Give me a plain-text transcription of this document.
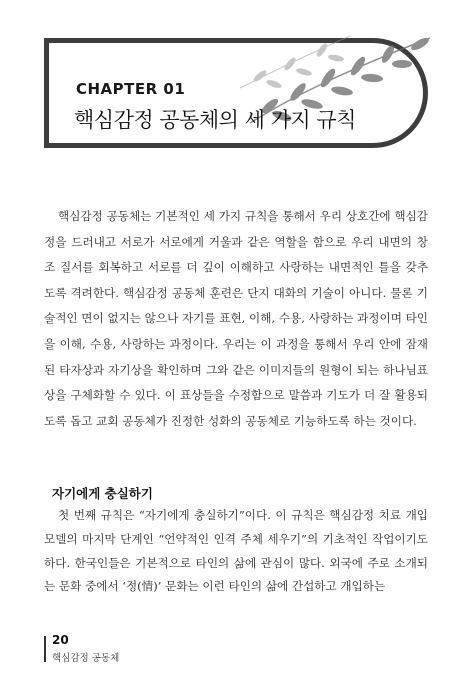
CHAPTER 01
핵심감정 공동체의 세 가지 규칙

핵심감정 공동체는 기본적인 세 가지 규칙을 통해서 우리 상호간에 핵심감정을 드러내고 서로가 서로에게 거울과 같은 역할을 함으로 우리 내면의 창조 질서를 회복하고 서로를 더 깊이 이해하고 사랑하는 내면적인 틀을 갖추도록 격려한다. 핵심감정 공동체 훈련은 단지 대화의 기술이 아니다. 물론 기술적인 면이 없지는 않으나 자기를 표현, 이해, 수용, 사랑하는 과정이며 타인을 이해, 수용, 사랑하는 과정이다. 우리는 이 과정을 통해서 우리 안에 잠재된 타자상과 자기상을 확인하며 그와 같은 이미지들의 원형이 되는 하나님표상을 구체화할 수 있다. 이 표상들을 수정함으로 말씀과 기도가 더 잘 활용되도록 돕고 교회 공동체가 진정한 성화의 공동체로 기능하도록 하는 것이다.

자기에게 충실하기

첫 번째 규칙은 “자기에게 충실하기”이다. 이 규칙은 핵심감정 치료 개입 모델의 마지막 단계인 “언약적인 인격 주체 세우기”의 기초적인 작업이기도 하다. 한국인들은 기본적으로 타인의 삶에 관심이 많다. 외국에 주로 소개되는 문화 중에서 ‘정(情)’ 문화는 이런 타인의 삶에 간섭하고 개입하는

20
핵심감정 공동체
